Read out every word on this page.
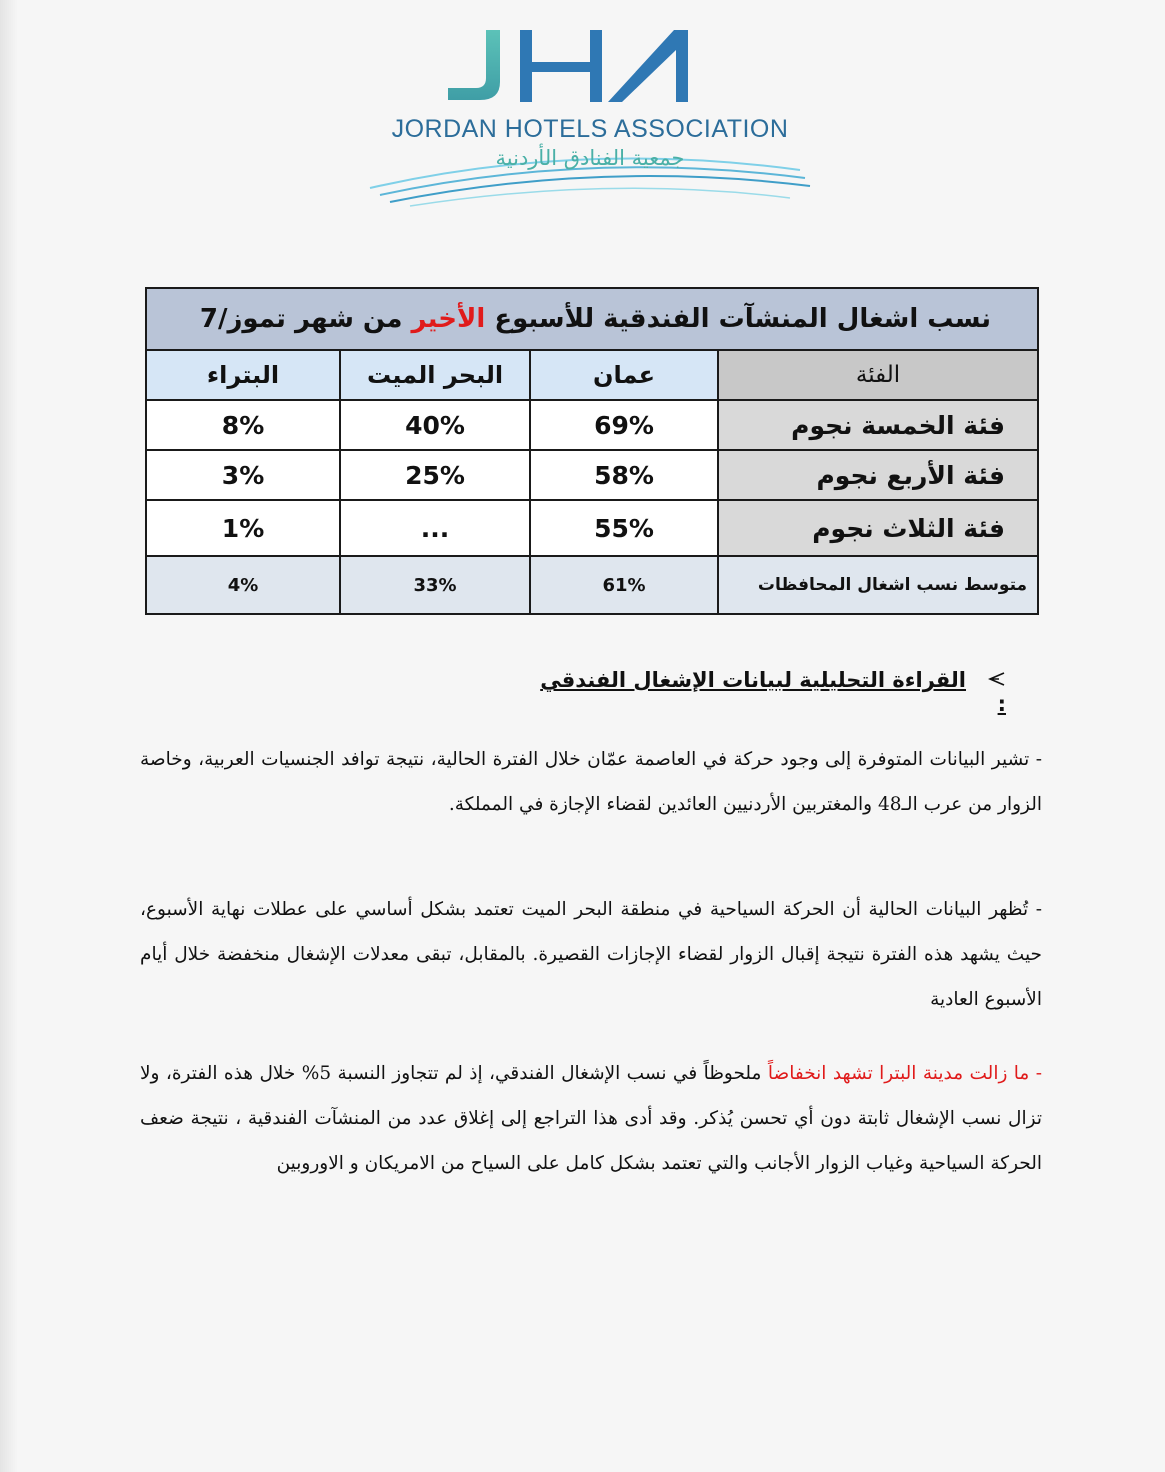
JORDAN HOTELS ASSOCIATION
جمعية الفنادق الأردنية
نسب اشغال المنشآت الفندقية للأسبوع الأخير من شهر تموز/7			
الفئة	عمان	البحر الميت	البتراء
فئة الخمسة نجوم	69%	40%	8%
فئة الأربع نجوم	58%	25%	3%
فئة الثلاث نجوم	55%	...	1%
متوسط نسب اشغال المحافظات	61%	33%	4%
القراءة التحليلية لبيانات الإشغال الفندقي :
- تشير البيانات المتوفرة إلى وجود حركة في العاصمة عمّان خلال الفترة الحالية، نتيجة توافد الجنسيات العربية، وخاصة الزوار من عرب الـ48 والمغتربين الأردنيين العائدين لقضاء الإجازة في المملكة.
- تُظهر البيانات الحالية أن الحركة السياحية في منطقة البحر الميت تعتمد بشكل أساسي على عطلات نهاية الأسبوع، حيث يشهد هذه الفترة نتيجة إقبال الزوار لقضاء الإجازات القصيرة. بالمقابل، تبقى معدلات الإشغال منخفضة خلال أيام الأسبوع العادية
- ما زالت مدينة البترا تشهد انخفاضاً ملحوظاً في نسب الإشغال الفندقي، إذ لم تتجاوز النسبة 5% خلال هذه الفترة، ولا تزال نسب الإشغال ثابتة دون أي تحسن يُذكر. وقد أدى هذا التراجع إلى إغلاق عدد من المنشآت الفندقية ، نتيجة ضعف الحركة السياحية وغياب الزوار الأجانب والتي تعتمد بشكل كامل على السياح من الامريكان و الاوروبين
